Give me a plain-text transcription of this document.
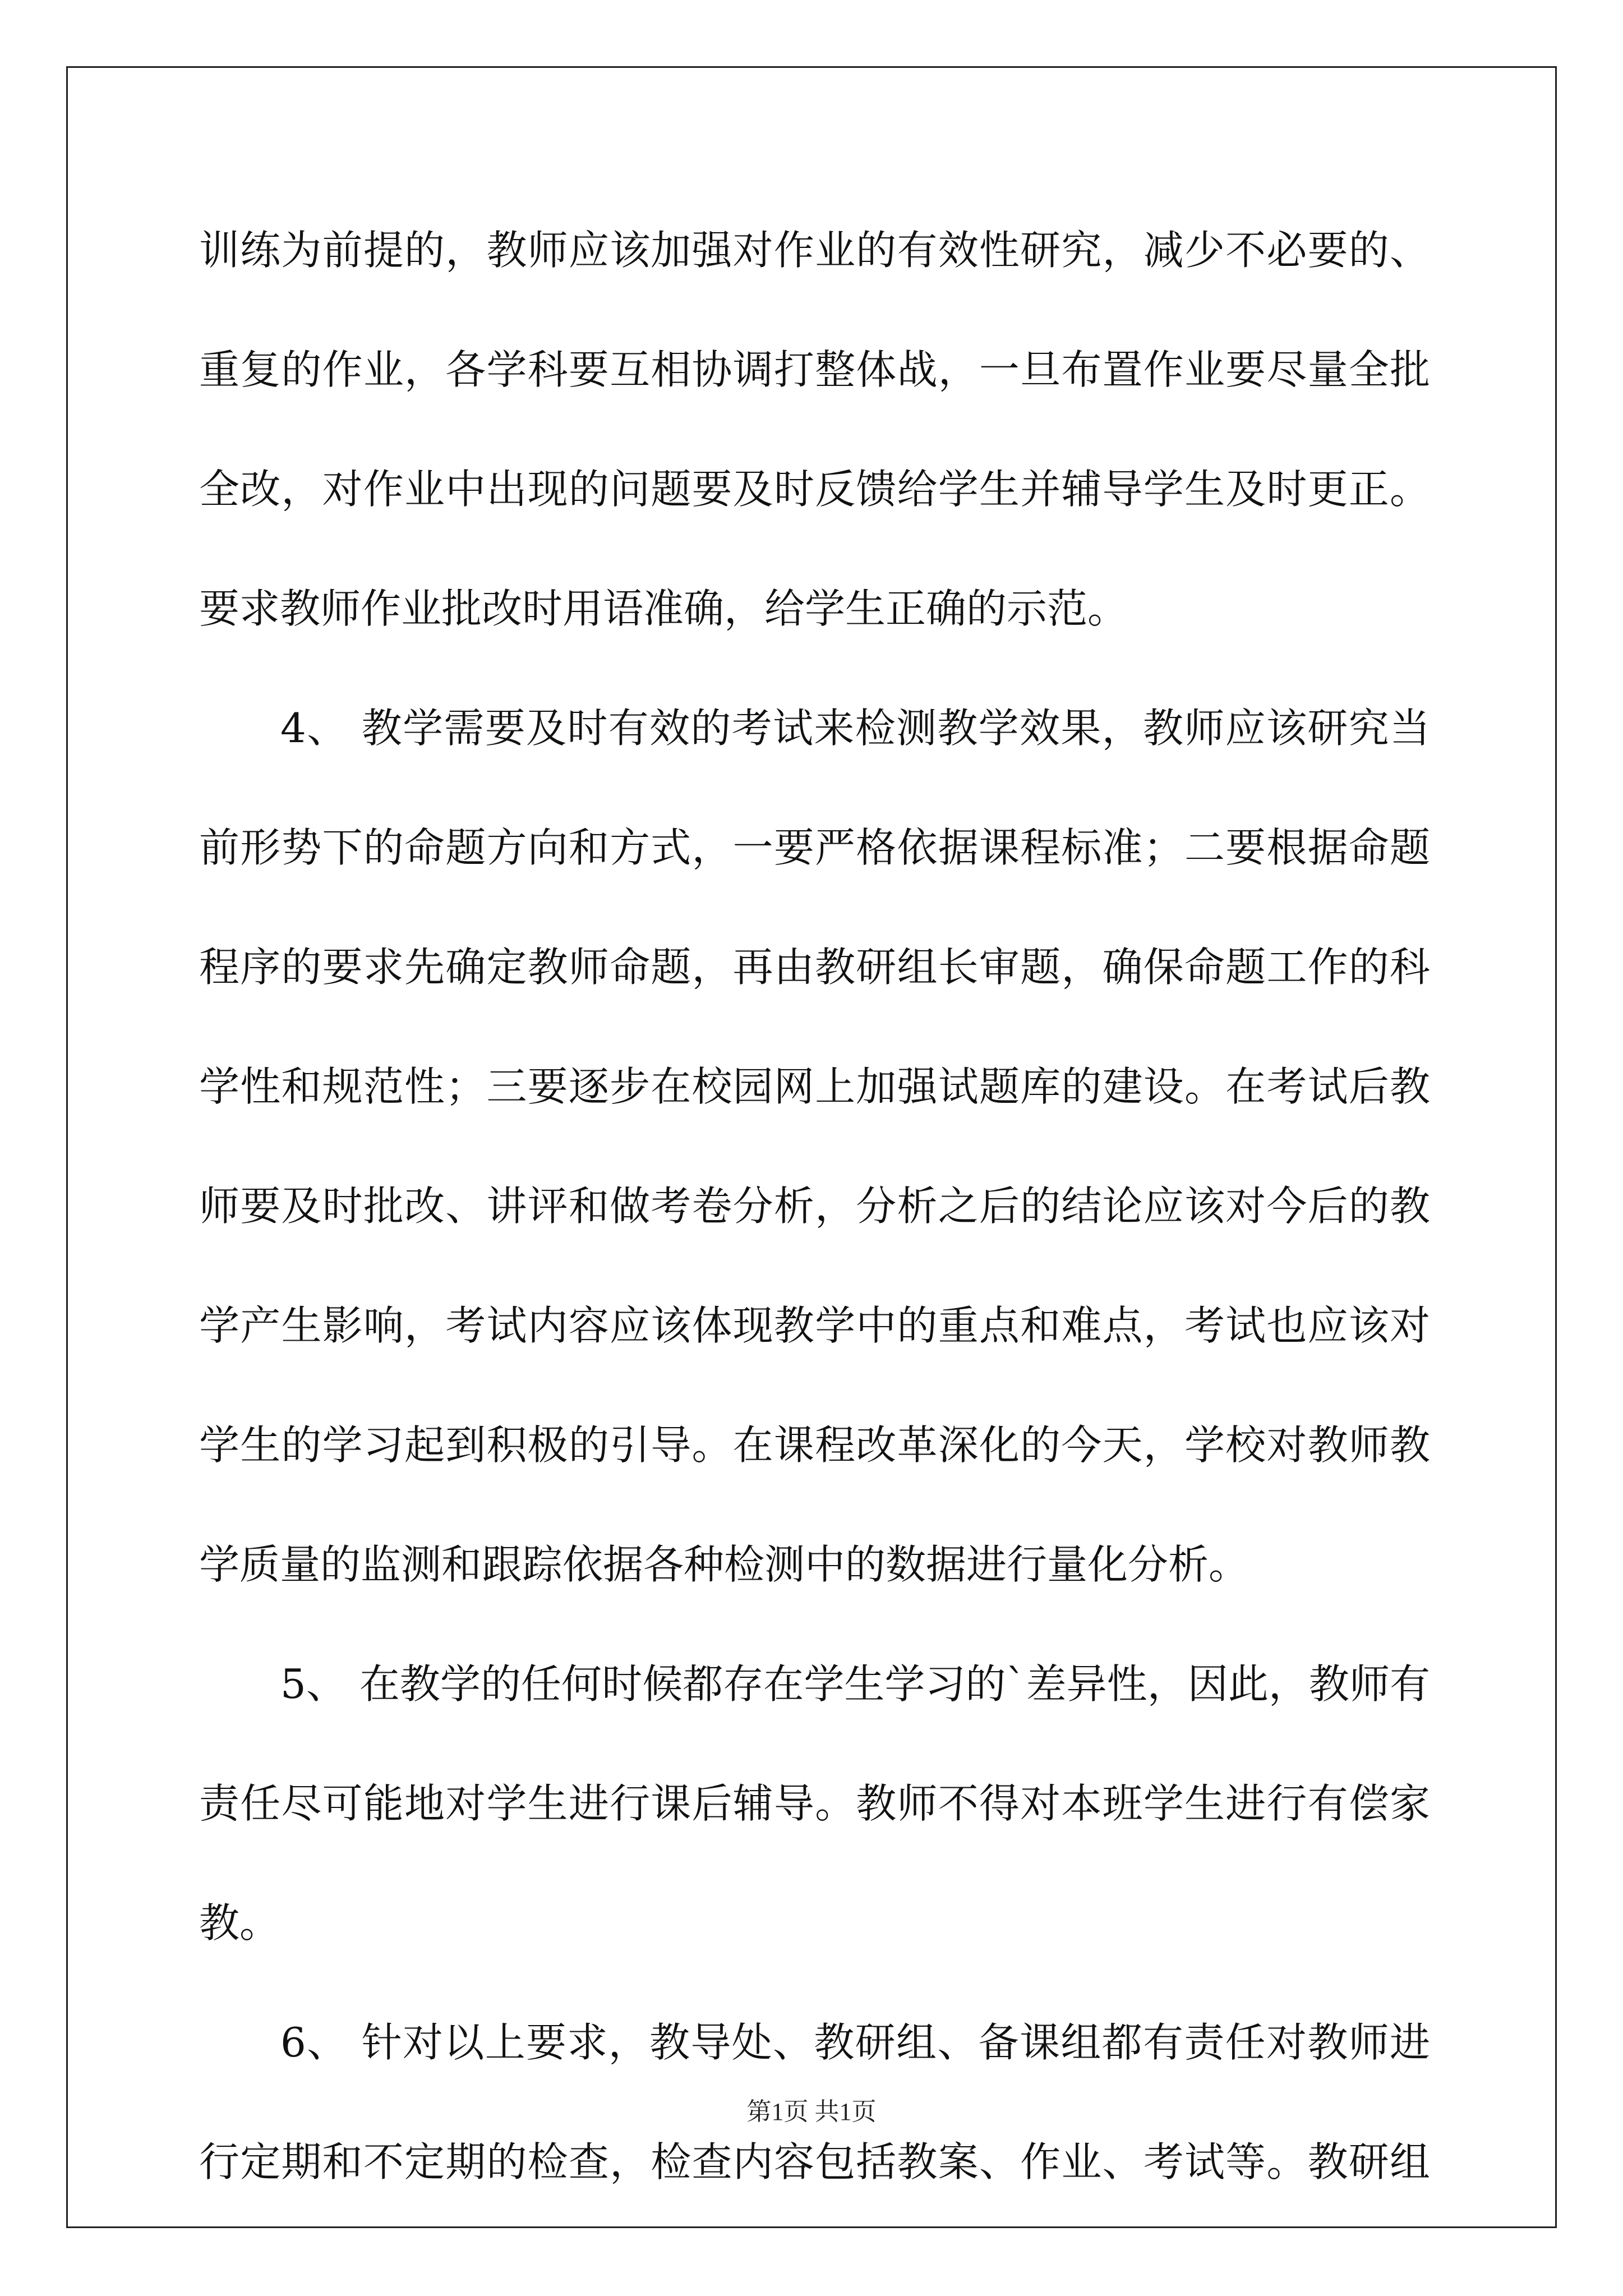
训练为前提的，教师应该加强对作业的有效性研究，减少不必要的、
重复的作业，各学科要互相协调打整体战，一旦布置作业要尽量全批
全改，对作业中出现的问题要及时反馈给学生并辅导学生及时更正。
要求教师作业批改时用语准确，给学生正确的示范。
4、 教学需要及时有效的考试来检测教学效果，教师应该研究当
前形势下的命题方向和方式，一要严格依据课程标准；二要根据命题
程序的要求先确定教师命题，再由教研组长审题，确保命题工作的科
学性和规范性；三要逐步在校园网上加强试题库的建设。在考试后教
师要及时批改、讲评和做考卷分析，分析之后的结论应该对今后的教
学产生影响，考试内容应该体现教学中的重点和难点，考试也应该对
学生的学习起到积极的引导。在课程改革深化的今天，学校对教师教
学质量的监测和跟踪依据各种检测中的数据进行量化分析。
5、 在教学的任何时候都存在学生学习的`差异性，因此，教师有
责任尽可能地对学生进行课后辅导。教师不得对本班学生进行有偿家
教。
6、 针对以上要求，教导处、教研组、备课组都有责任对教师进
行定期和不定期的检查，检查内容包括教案、作业、考试等。教研组
第1页 共1页
